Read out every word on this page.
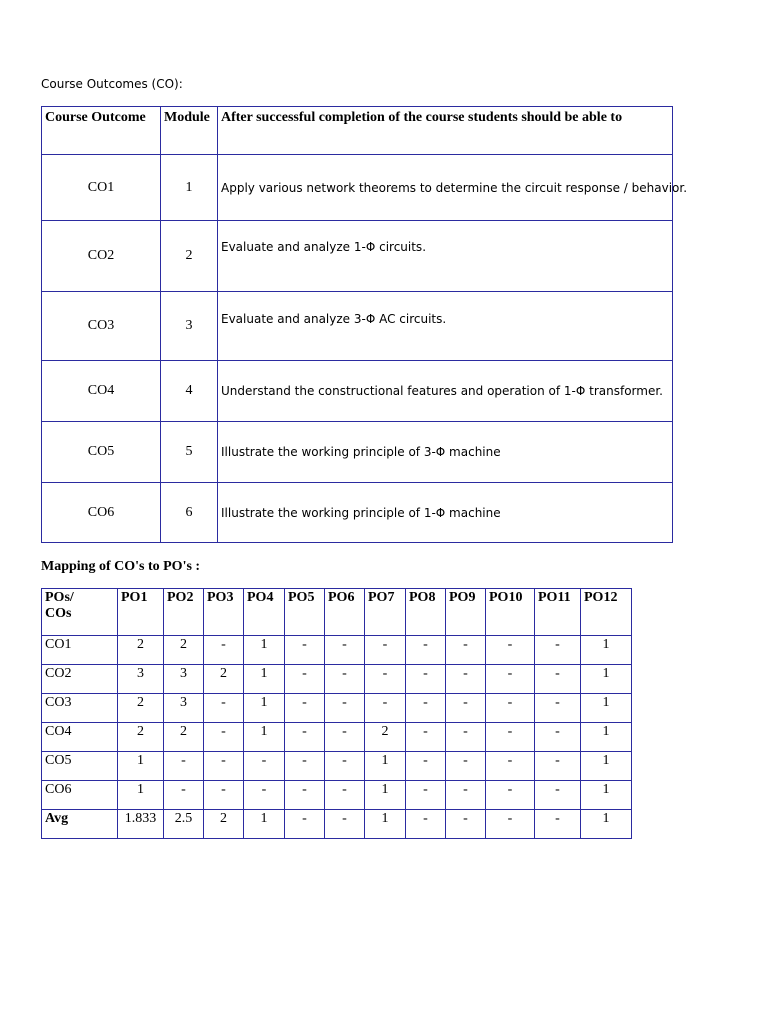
Course Outcomes (CO):
Course Outcome	Module	After successful completion of the course students should be able to
CO1	1	Apply various network theorems to determine the circuit response / behavior.
CO2	2	Evaluate and analyze 1-Φ circuits.
CO3	3	Evaluate and analyze 3-Φ AC circuits.
CO4	4	Understand the constructional features and operation of 1-Φ transformer.
CO5	5	Illustrate the working principle of 3-Φ machine
CO6	6	Illustrate the working principle of 1-Φ machine
Mapping of CO's to PO's :
POs/
COs	PO1	PO2	PO3	PO4	PO5	PO6	PO7	PO8	PO9	PO10	PO11	PO12
CO1	2	2	-	1	-	-	-	-	-	-	-	1
CO2	3	3	2	1	-	-	-	-	-	-	-	1
CO3	2	3	-	1	-	-	-	-	-	-	-	1
CO4	2	2	-	1	-	-	2	-	-	-	-	1
CO5	1	-	-	-	-	-	1	-	-	-	-	1
CO6	1	-	-	-	-	-	1	-	-	-	-	1
Avg	1.833	2.5	2	1	-	-	1	-	-	-	-	1
